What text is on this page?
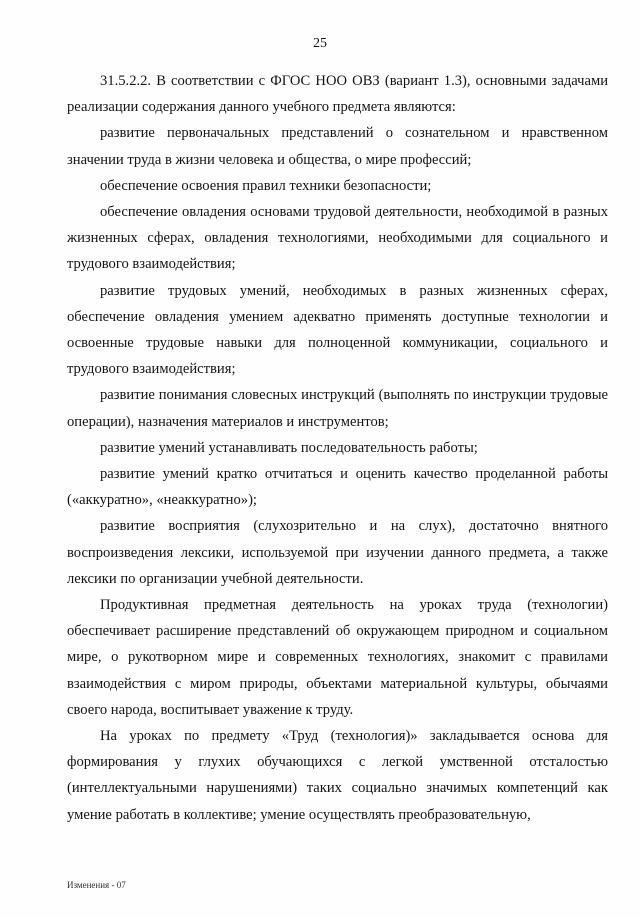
25

31.5.2.2. В соответствии с ФГОС НОО ОВЗ (вариант 1.3), основными задачами реализации содержания данного учебного предмета являются:

развитие первоначальных представлений о сознательном и нравственном значении труда в жизни человека и общества, о мире профессий;

обеспечение освоения правил техники безопасности;

обеспечение овладения основами трудовой деятельности, необходимой в разных жизненных сферах, овладения технологиями, необходимыми для социального и трудового взаимодействия;

развитие трудовых умений, необходимых в разных жизненных сферах, обеспечение овладения умением адекватно применять доступные технологии и освоенные трудовые навыки для полноценной коммуникации, социального и трудового взаимодействия;

развитие понимания словесных инструкций (выполнять по инструкции трудовые операции), назначения материалов и инструментов;

развитие умений устанавливать последовательность работы;

развитие умений кратко отчитаться и оценить качество проделанной работы («аккуратно», «неаккуратно»);

развитие восприятия (слухозрительно и на слух), достаточно внятного воспроизведения лексики, используемой при изучении данного предмета, а также лексики по организации учебной деятельности.

Продуктивная предметная деятельность на уроках труда (технологии) обеспечивает расширение представлений об окружающем природном и социальном мире, о рукотворном мире и современных технологиях, знакомит с правилами взаимодействия с миром природы, объектами материальной культуры, обычаями своего народа, воспитывает уважение к труду.

На уроках по предмету «Труд (технология)» закладывается основа для формирования у глухих обучающихся с легкой умственной отсталостью (интеллектуальными нарушениями) таких социально значимых компетенций как умение работать в коллективе; умение осуществлять преобразовательную,

Изменения - 07
